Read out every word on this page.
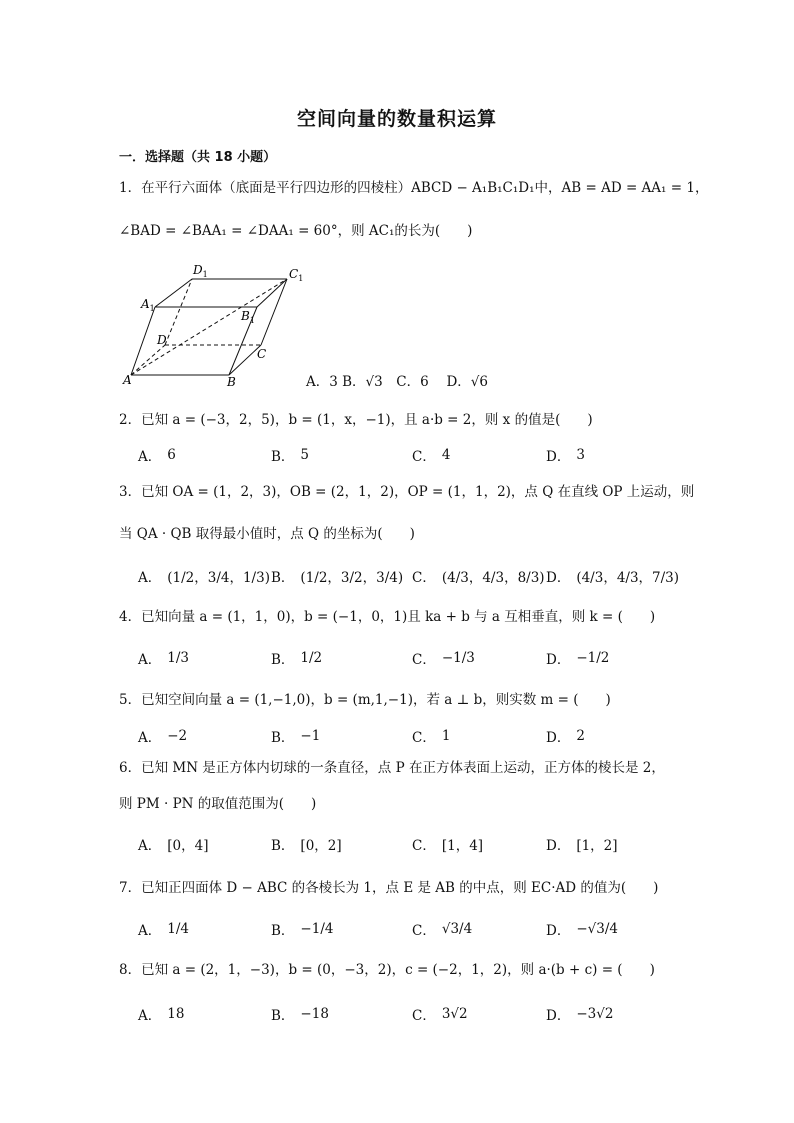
空间向量的数量积运算
一．选择题（共 18 小题）
1．在平行六面体（底面是平行四边形的四棱柱）ABCD − A₁B₁C₁D₁中，AB = AD = AA₁ = 1，
∠BAD = ∠BAA₁ = ∠DAA₁ = 60°，则 AC₁的长为(　　)
$D_1$	$C_1$
$A_1$
$B_1$
D
C
A	B	A．3 B．√3　C．6　 D．√6
2．已知 a = (−3，2，5)，b = (1，x，−1)，且 a·b = 2，则 x 的值是(　　)
A． 6	B． 5	C． 4	D． 3
3．已知 OA = (1，2，3)，OB = (2，1，2)，OP = (1，1，2)，点 Q 在直线 OP 上运动，则
当 QA · QB 取得最小值时，点 Q 的坐标为(　　)
A． (1/2，3/4，1/3) B． (1/2，3/2，3/4) C． (4/3，4/3，8/3) D． (4/3，4/3，7/3)
4．已知向量 a = (1，1，0)，b = (−1，0，1)且 ka + b 与 a 互相垂直，则 k = (　　)
A． 1/3	B． 1/2	C． −1/3	D． −1/2
5．已知空间向量 a = (1,−1,0)，b = (m,1,−1)，若 a ⊥ b，则实数 m = (　　)
A． −2	B． −1	C． 1	D． 2
6．已知 MN 是正方体内切球的一条直径，点 P 在正方体表面上运动，正方体的棱长是 2，
则 PM · PN 的取值范围为(　　)
A． [0，4]	B． [0，2]	C． [1，4]	D． [1，2]
7．已知正四面体 D − ABC 的各棱长为 1，点 E 是 AB 的中点，则 EC·AD 的值为(　　)
A． 1/4	B． −1/4	C． √3/4	D． −√3/4
8．已知 a = (2，1，−3)，b = (0，−3，2)，c = (−2，1，2)，则 a·(b + c) = (　　)
A． 18	B． −18	C． 3√2	D． −3√2
